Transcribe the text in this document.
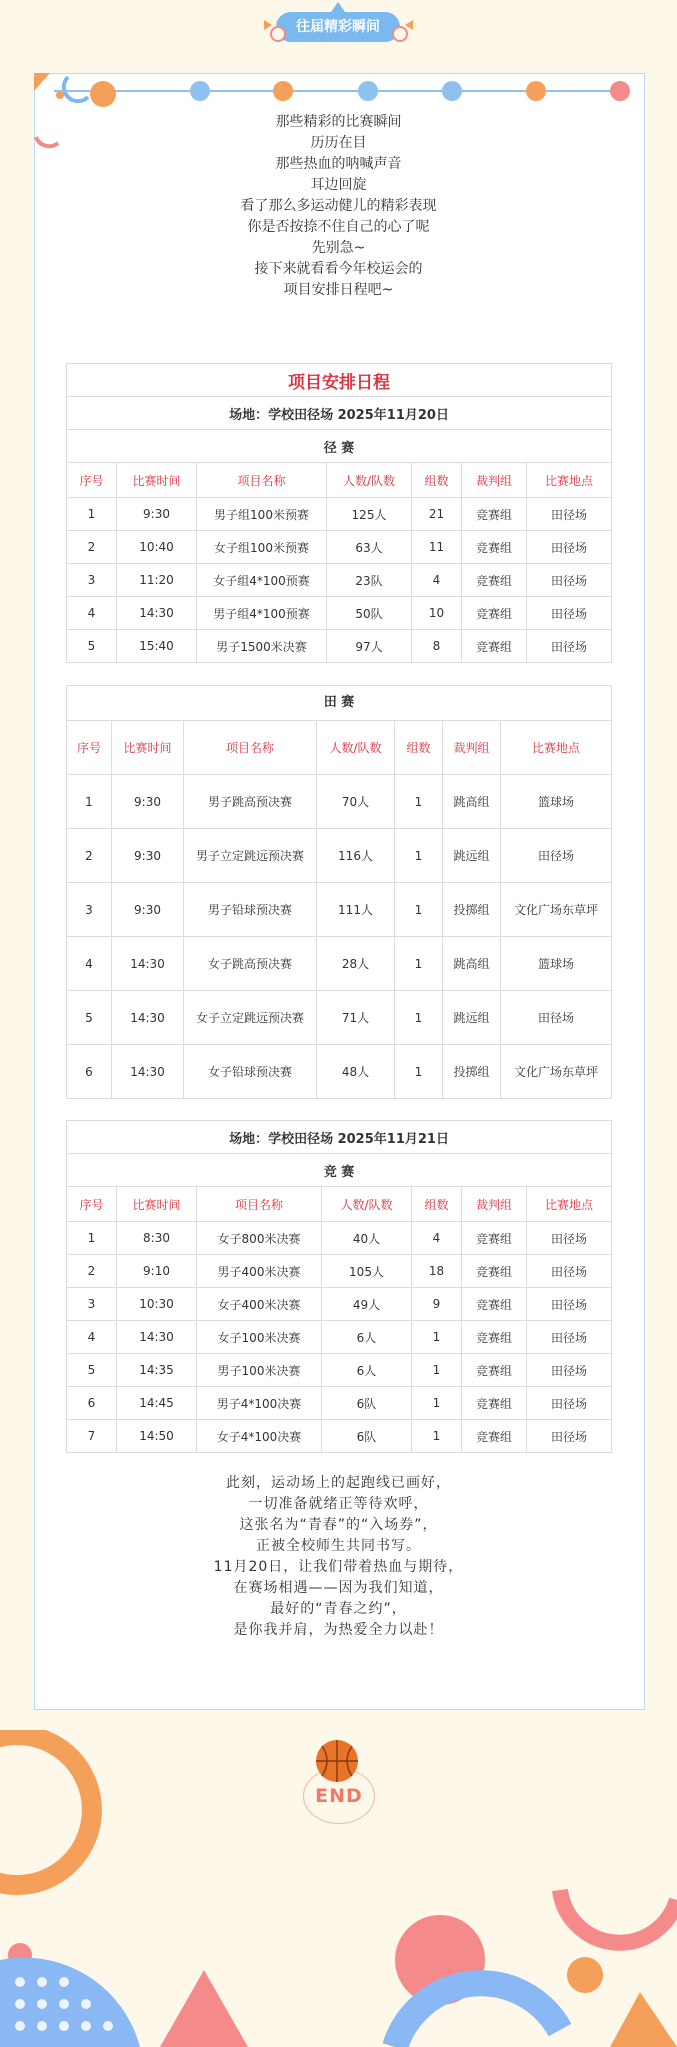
往届精彩瞬间
那些精彩的比赛瞬间
历历在目
那些热血的呐喊声音
耳边回旋
看了那么多运动健儿的精彩表现
你是否按捺不住自己的心了呢
先别急~
接下来就看看今年校运会的
项目安排日程吧~
项目安排日程						
场地：学校田径场 2025年11月20日						
径 赛						
序号	比赛时间	项目名称	人数/队数	组数	裁判组	比赛地点
1	9:30	男子组100米预赛	125人	21	竞赛组	田径场
2	10:40	女子组100米预赛	63人	11	竞赛组	田径场
3	11:20	女子组4*100预赛	23队	4	竞赛组	田径场
4	14:30	男子组4*100预赛	50队	10	竞赛组	田径场
5	15:40	男子1500米决赛	97人	8	竞赛组	田径场
田 赛						
序号	比赛时间	项目名称	人数/队数	组数	裁判组	比赛地点
1	9:30	男子跳高预决赛	70人	1	跳高组	篮球场
2	9:30	男子立定跳远预决赛	116人	1	跳远组	田径场
3	9:30	男子铅球预决赛	111人	1	投掷组	文化广场东草坪
4	14:30	女子跳高预决赛	28人	1	跳高组	篮球场
5	14:30	女子立定跳远预决赛	71人	1	跳远组	田径场
6	14:30	女子铅球预决赛	48人	1	投掷组	文化广场东草坪
场地：学校田径场 2025年11月21日						
竞 赛						
序号	比赛时间	项目名称	人数/队数	组数	裁判组	比赛地点
1	8:30	女子800米决赛	40人	4	竞赛组	田径场
2	9:10	男子400米决赛	105人	18	竞赛组	田径场
3	10:30	女子400米决赛	49人	9	竞赛组	田径场
4	14:30	女子100米决赛	6人	1	竞赛组	田径场
5	14:35	男子100米决赛	6人	1	竞赛组	田径场
6	14:45	男子4*100决赛	6队	1	竞赛组	田径场
7	14:50	女子4*100决赛	6队	1	竞赛组	田径场
此刻，运动场上的起跑线已画好，
一切准备就绪正等待欢呼，
这张名为“青春”的“入场券”，
正被全校师生共同书写。
11月20日，让我们带着热血与期待，
在赛场相遇——因为我们知道，
最好的“青春之约”，
是你我并肩，为热爱全力以赴！
END
